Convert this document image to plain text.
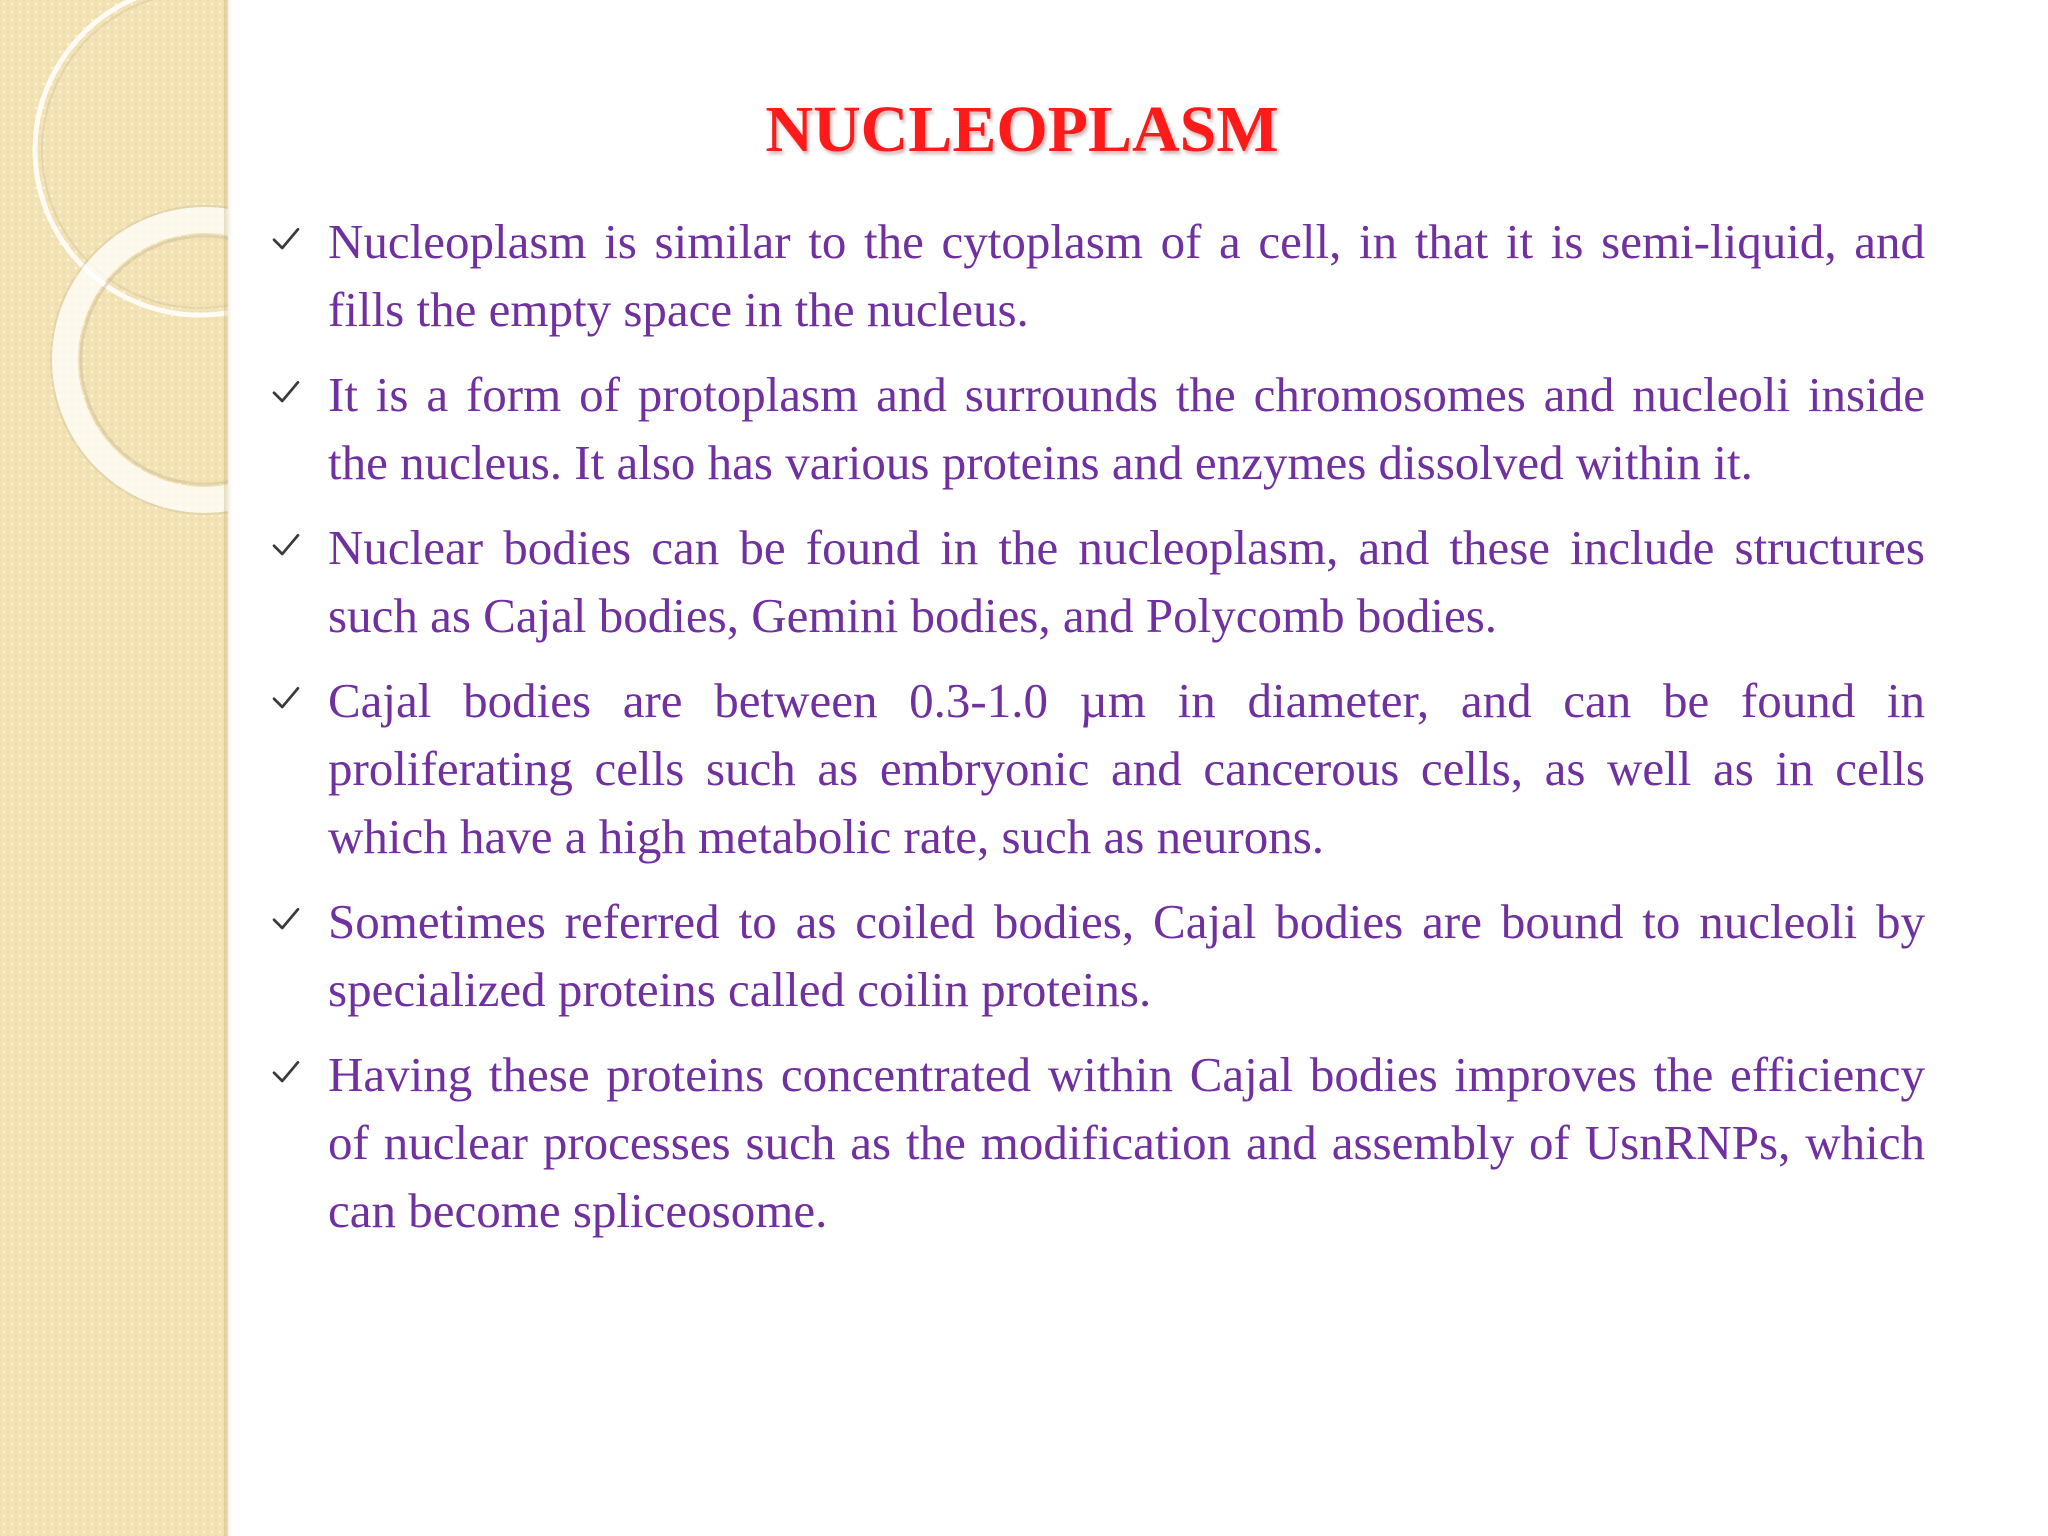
NUCLEOPLASM
Nucleoplasm is similar to the cytoplasm of a cell, in that it is semi-liquid, and fills the empty space in the nucleus.
It is a form of protoplasm and surrounds the chromosomes and nucleoli inside the nucleus. It also has various proteins and enzymes dissolved within it.
Nuclear bodies can be found in the nucleoplasm, and these include structures such as Cajal bodies, Gemini bodies, and Polycomb bodies.
Cajal bodies are between 0.3-1.0 µm in diameter, and can be found in proliferating cells such as embryonic and cancerous cells, as well as in cells which have a high metabolic rate, such as neurons.
Sometimes referred to as coiled bodies, Cajal bodies are bound to nucleoli by specialized proteins called coilin proteins.
Having these proteins concentrated within Cajal bodies improves the efficiency of nuclear processes such as the modification and assembly of UsnRNPs, which can become spliceosome.
